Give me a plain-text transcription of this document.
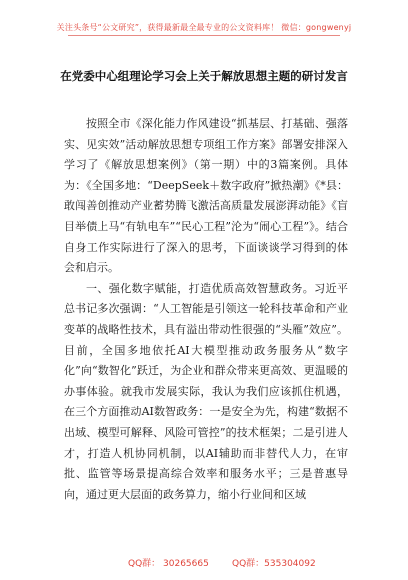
关注头条号“公文研究”，获得最新最全最专业的公文资料库！ 微信：gongwenyj
在党委中心组理论学习会上关于解放思想主题的研讨发言

按照全市《深化能力作风建设“抓基层、打基础、强落实、见实效”活动解放思想专项组工作方案》部署安排深入学习了《解放思想案例》（第一期）中的3篇案例。具体为：《全国多地：“DeepSeek＋数字政府”掀热潮》《*县：敢闯善创推动产业蓄势腾飞激活高质量发展澎湃动能》《盲目举债上马“有轨电车”“民心工程”沦为“闹心工程”》。结合自身工作实际进行了深入的思考，下面谈谈学习得到的体会和启示。

一、强化数字赋能，打造优质高效智慧政务。习近平总书记多次强调：“人工智能是引领这一轮科技革命和产业变革的战略性技术，具有溢出带动性很强的“头雁”效应”。目前，全国多地依托AI大模型推动政务服务从“数字化”向“数智化”跃迁，为企业和群众带来更高效、更温暖的办事体验。就我市发展实际，我认为我们应该抓住机遇，在三个方面推动AI数智政务：一是安全为先，构建“数据不出域、模型可解释、风险可管控”的技术框架；二是引进人才，打造人机协同机制，以AI辅助而非替代人力，在审批、监管等场景提高综合效率和服务水平；三是普惠导向，通过更大层面的政务算力，缩小行业间和区域

QQ群： 30265665	QQ群：535304092
